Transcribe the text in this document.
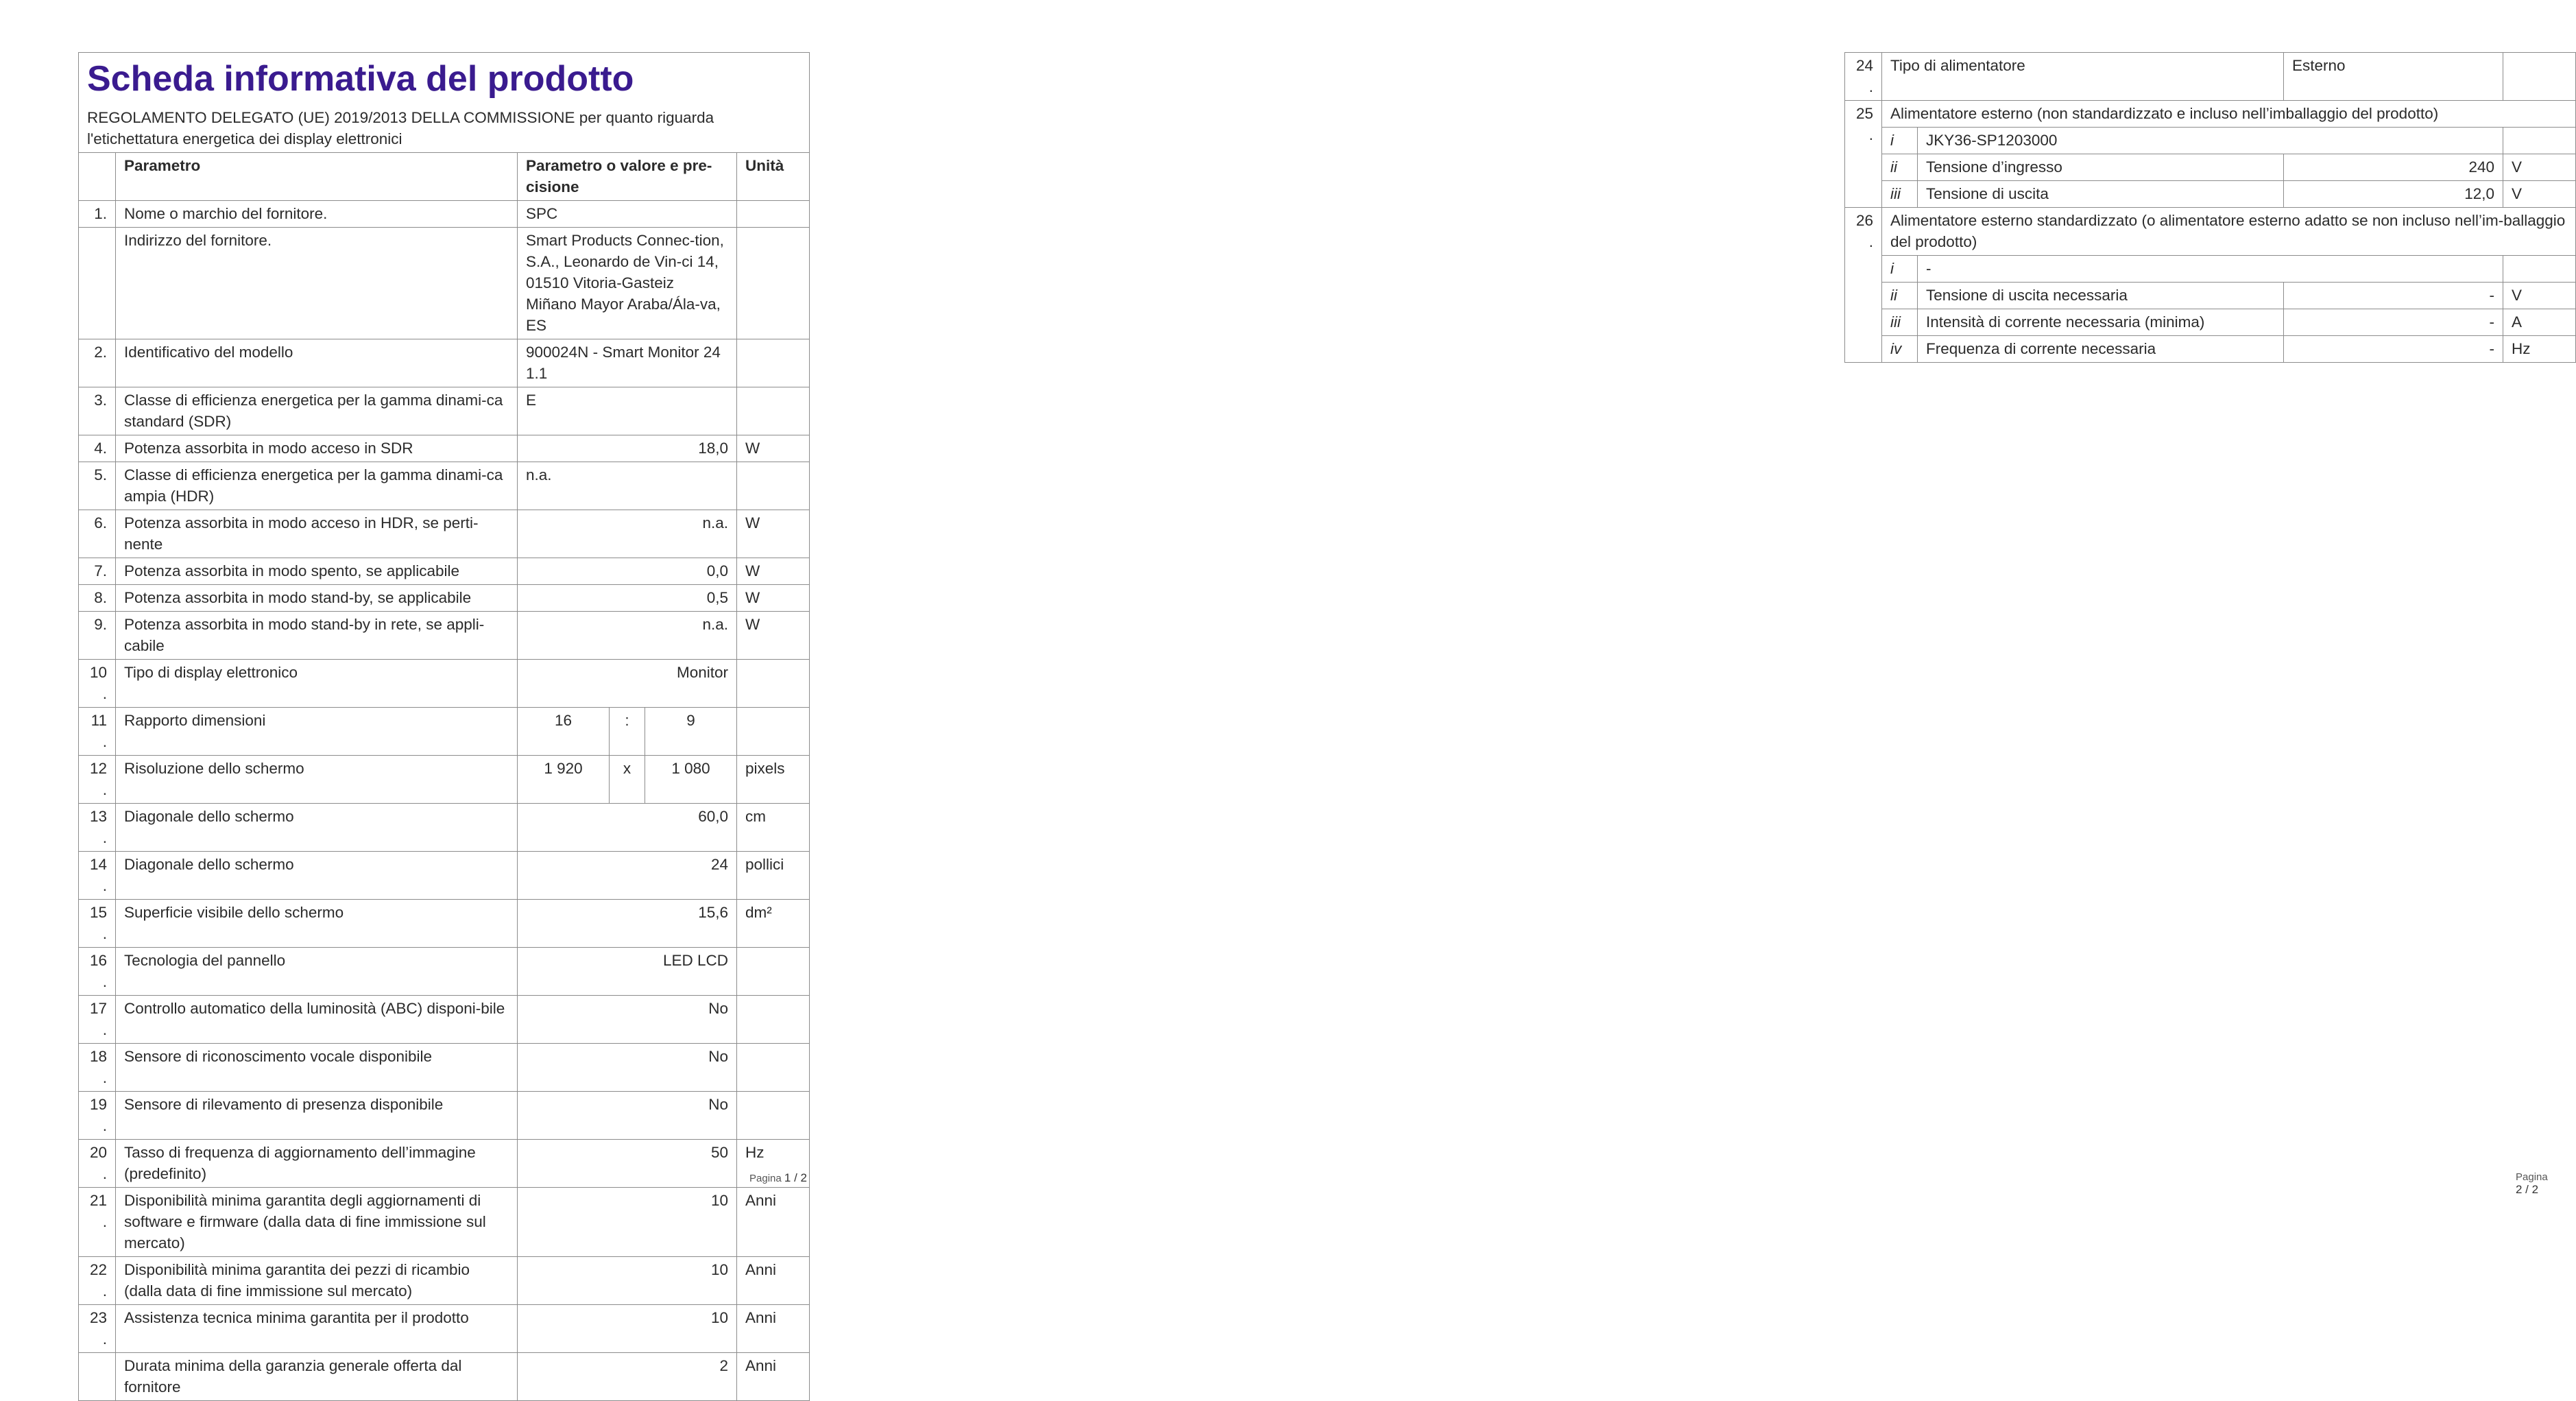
Scheda informativa del prodotto
REGOLAMENTO DELEGATO (UE) 2019/2013 DELLA COMMISSIONE per quanto riguarda l'etichettatura energetica dei display elettronici					

	Parametro	Parametro o valore e pre-cisione			Unità
1.	Nome o marchio del fornitore.	SPC			
	Indirizzo del fornitore.	Smart Products Connec-tion, S.A., Leonardo de Vin-ci 14, 01510 Vitoria-Gasteiz Miñano Mayor Araba/Ála-va, ES			
2.	Identificativo del modello	900024N - Smart Monitor 24 1.1			
3.	Classe di efficienza energetica per la gamma dinami-ca standard (SDR)	E			
4.	Potenza assorbita in modo acceso in SDR	18,0			W
5.	Classe di efficienza energetica per la gamma dinami-ca ampia (HDR)	n.a.			
6.	Potenza assorbita in modo acceso in HDR, se perti-nente	n.a.			W
7.	Potenza assorbita in modo spento, se applicabile	0,0			W
8.	Potenza assorbita in modo stand-by, se applicabile	0,5			W
9.	Potenza assorbita in modo stand-by in rete, se appli-cabile	n.a.			W
10.	Tipo di display elettronico	Monitor			
11.	Rapporto dimensioni	16	:	9	
12.	Risoluzione dello schermo	1 920	x	1 080	pixels
13.	Diagonale dello schermo	60,0			cm
14.	Diagonale dello schermo	24			pollici
15.	Superficie visibile dello schermo	15,6			dm²
16.	Tecnologia del pannello	LED LCD			
17.	Controllo automatico della luminosità (ABC) disponi-bile	No			
18.	Sensore di riconoscimento vocale disponibile	No			
19.	Sensore di rilevamento di presenza disponibile	No			
20.	Tasso di frequenza di aggiornamento dell’immagine (predefinito)	50			Hz
21.	Disponibilità minima garantita degli aggiornamenti di software e firmware (dalla data di fine immissione sul mercato)	10			Anni
22.	Disponibilità minima garantita dei pezzi di ricambio (dalla data di fine immissione sul mercato)	10			Anni
23.	Assistenza tecnica minima garantita per il prodotto	10			Anni
	Durata minima della garanzia generale offerta dal fornitore	2			Anni
Pagina 1 / 2
24.	Tipo di alimentatore		Esterno	
25.	Alimentatore esterno (non standardizzato e incluso nell’imballaggio del prodotto)			
	i	JKY36-SP1203000		
	ii	Tensione d’ingresso	240	V
	iii	Tensione di uscita	12,0	V
26.	Alimentatore esterno standardizzato (o alimentatore esterno adatto se non incluso nell’im-ballaggio del prodotto)			
	i	-		
	ii	Tensione di uscita necessaria	-	V
	iii	Intensità di corrente necessaria (minima)	-	A
	iv	Frequenza di corrente necessaria	-	Hz
Pagina 2 / 2
